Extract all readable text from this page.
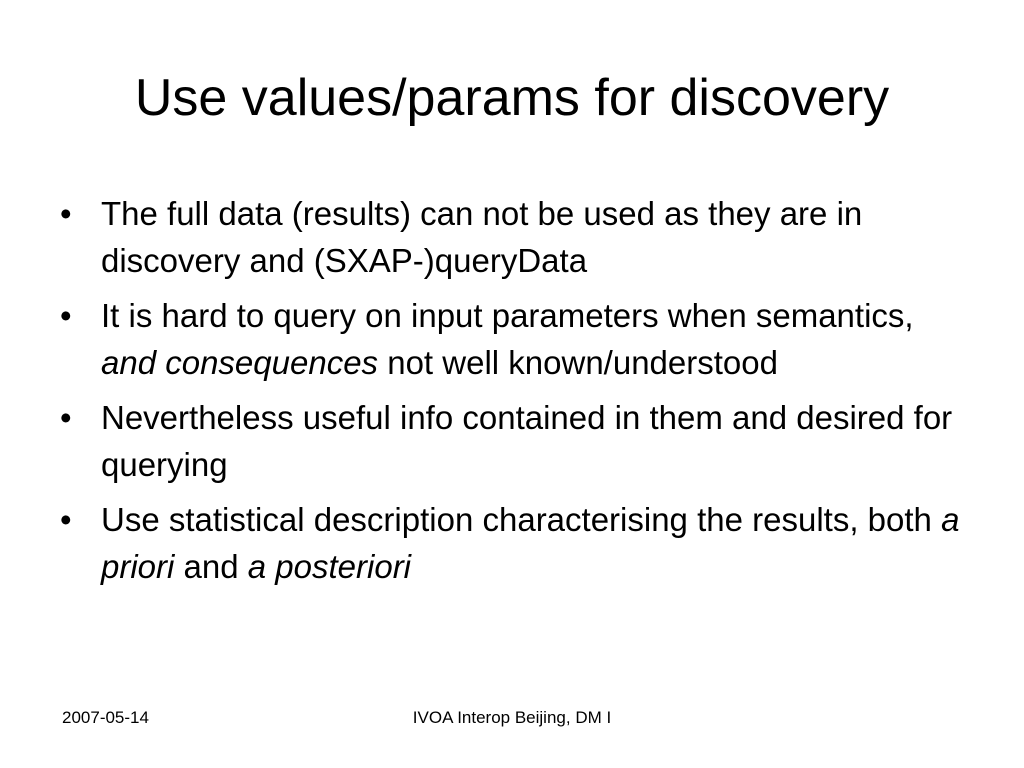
Use values/params for discovery
• The full data (results) can not be used as they are in discovery and (SXAP-)queryData
• It is hard to query on input parameters when semantics, and consequences not well known/understood
• Nevertheless useful info contained in them and desired for querying
• Use statistical description characterising the results, both a priori and a posteriori
2007-05-14	IVOA Interop Beijing, DM I
